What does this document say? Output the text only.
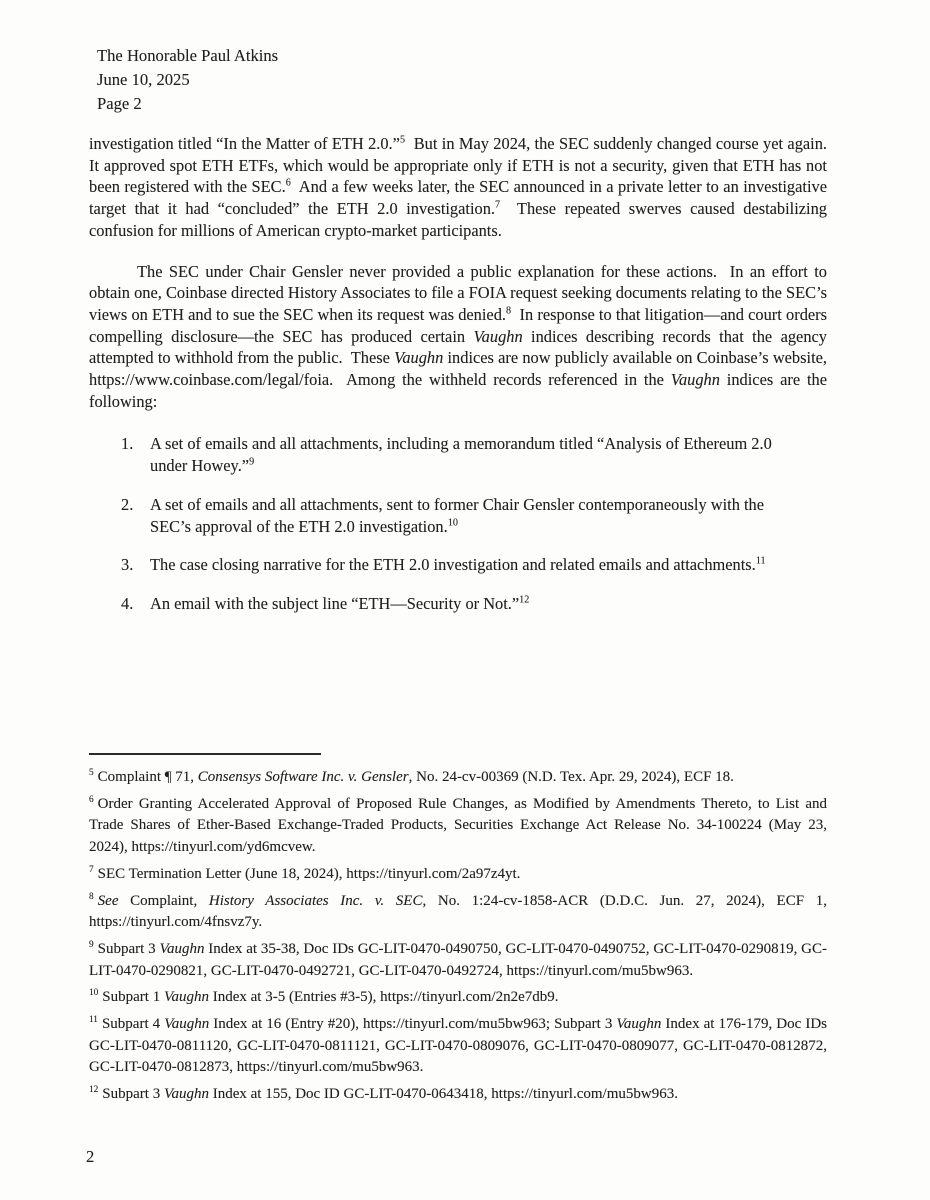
The Honorable Paul Atkins
June 10, 2025
Page 2

investigation titled “In the Matter of ETH 2.0.”$^5$  But in May 2024, the SEC suddenly changed course yet again.  It approved spot ETH ETFs, which would be appropriate only if ETH is not a security, given that ETH has not been registered with the SEC.$^6$  And a few weeks later, the SEC announced in a private letter to an investigative target that it had “concluded” the ETH 2.0 investigation.$^7$  These repeated swerves caused destabilizing confusion for millions of American crypto-market participants.

The SEC under Chair Gensler never provided a public explanation for these actions.  In an effort to obtain one, Coinbase directed History Associates to file a FOIA request seeking documents relating to the SEC’s views on ETH and to sue the SEC when its request was denied.$^8$  In response to that litigation—and court orders compelling disclosure—the SEC has produced certain Vaughn indices describing records that the agency attempted to withhold from the public.  These Vaughn indices are now publicly available on Coinbase’s website, https://www.coinbase.com/legal/foia.  Among the withheld records referenced in the Vaughn indices are the following:

1.	A set of emails and all attachments, including a memorandum titled “Analysis of Ethereum 2.0 under Howey.”$^9$
2.	A set of emails and all attachments, sent to former Chair Gensler contemporaneously with the SEC’s approval of the ETH 2.0 investigation.$^{10}$
3.	The case closing narrative for the ETH 2.0 investigation and related emails and attachments.$^{11}$
4.	An email with the subject line “ETH—Security or Not.”$^{12}$
$^5$ Complaint ¶ 71, Consensys Software Inc. v. Gensler, No. 24-cv-00369 (N.D. Tex. Apr. 29, 2024), ECF 18.
$^6$ Order Granting Accelerated Approval of Proposed Rule Changes, as Modified by Amendments Thereto, to List and Trade Shares of Ether-Based Exchange-Traded Products, Securities Exchange Act Release No. 34-100224 (May 23, 2024), https://tinyurl.com/yd6mcvew.
$^7$ SEC Termination Letter (June 18, 2024), https://tinyurl.com/2a97z4yt.
$^8$ See Complaint, History Associates Inc. v. SEC, No. 1:24-cv-1858-ACR (D.D.C. Jun. 27, 2024), ECF 1, https://tinyurl.com/4fnsvz7y.
$^9$ Subpart 3 Vaughn Index at 35-38, Doc IDs GC-LIT-0470-0490750, GC-LIT-0470-0490752, GC-LIT-0470-0290819, GC-LIT-0470-0290821, GC-LIT-0470-0492721, GC-LIT-0470-0492724, https://tinyurl.com/mu5bw963.
$^{10}$ Subpart 1 Vaughn Index at 3-5 (Entries #3-5), https://tinyurl.com/2n2e7db9.
$^{11}$ Subpart 4 Vaughn Index at 16 (Entry #20), https://tinyurl.com/mu5bw963; Subpart 3 Vaughn Index at 176-179, Doc IDs GC-LIT-0470-0811120, GC-LIT-0470-0811121, GC-LIT-0470-0809076, GC-LIT-0470-0809077, GC-LIT-0470-0812872, GC-LIT-0470-0812873, https://tinyurl.com/mu5bw963.
$^{12}$ Subpart 3 Vaughn Index at 155, Doc ID GC-LIT-0470-0643418, https://tinyurl.com/mu5bw963.
2
